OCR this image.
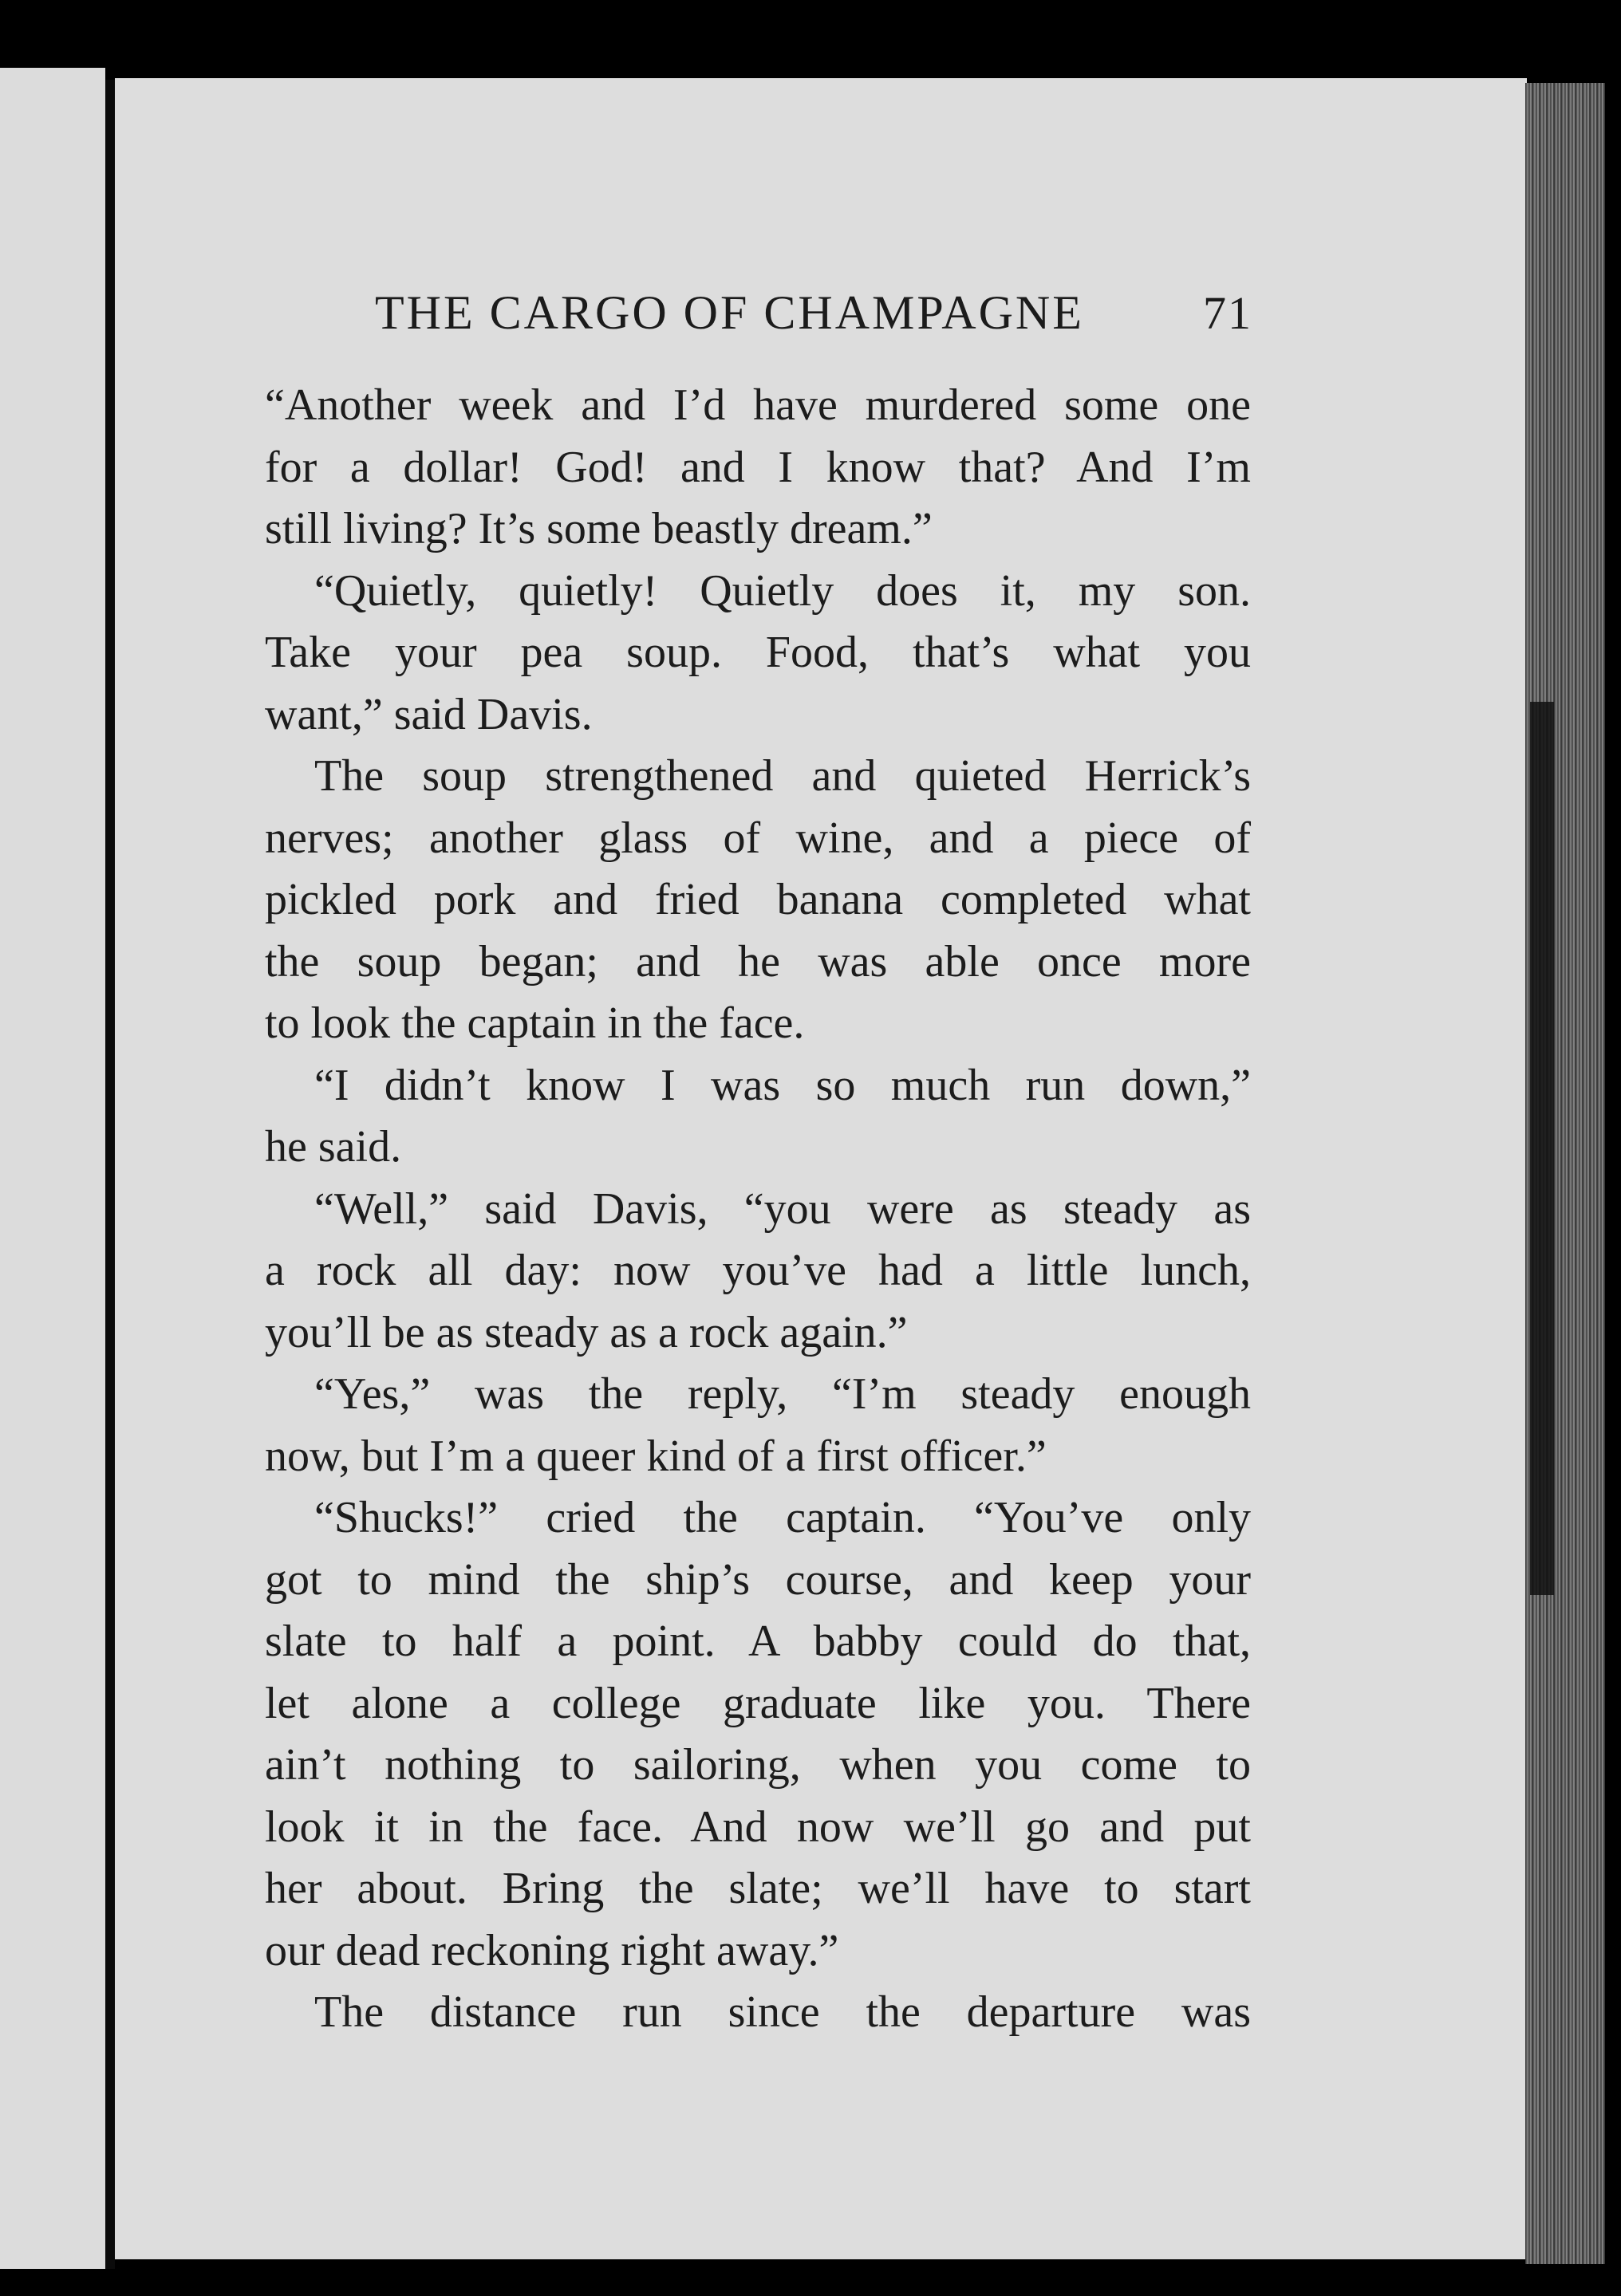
THE CARGO OF CHAMPAGNE	71
“Another week and I’d have murdered some one
for a dollar! God! and I know that? And I’m
still living? It’s some beastly dream.”
“Quietly, quietly! Quietly does it, my son.
Take your pea soup. Food, that’s what you
want,” said Davis.
The soup strengthened and quieted Herrick’s
nerves; another glass of wine, and a piece of
pickled pork and fried banana completed what
the soup began; and he was able once more
to look the captain in the face.
“I didn’t know I was so much run down,”
he said.
“Well,” said Davis, “you were as steady as
a rock all day: now you’ve had a little lunch,
you’ll be as steady as a rock again.”
“Yes,” was the reply, “I’m steady enough
now, but I’m a queer kind of a first officer.”
“Shucks!” cried the captain. “You’ve only
got to mind the ship’s course, and keep your
slate to half a point. A babby could do that,
let alone a college graduate like you. There
ain’t nothing to sailoring, when you come to
look it in the face. And now we’ll go and put
her about. Bring the slate; we’ll have to start
our dead reckoning right away.”
The distance run since the departure was
